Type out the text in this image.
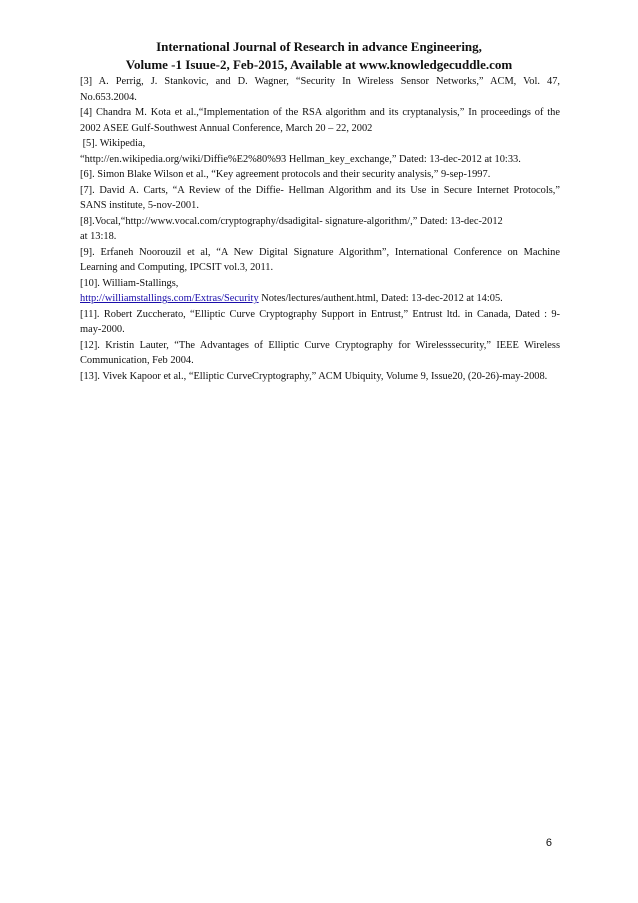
International Journal of Research in advance Engineering,
Volume -1 Isuue-2, Feb-2015, Available at www.knowledgecuddle.com
[3] A. Perrig, J. Stankovic, and D. Wagner, “Security In Wireless Sensor Networks,” ACM, Vol. 47,
No.653.2004.
[4] Chandra M. Kota et al.,“Implementation of the RSA algorithm and its cryptanalysis,” In proceedings of the
2002 ASEE Gulf-Southwest Annual Conference, March 20 – 22, 2002
[5]. Wikipedia,
“http://en.wikipedia.org/wiki/Diffie%E2%80%93 Hellman_key_exchange,” Dated: 13-dec-2012 at 10:33.
[6]. Simon Blake Wilson et al., “Key agreement protocols and their security analysis,” 9-sep-1997.
[7]. David A. Carts, “A Review of the Diffie- Hellman Algorithm and its Use in Secure Internet Protocols,”
SANS institute, 5-nov-2001.
[8].Vocal,“http://www.vocal.com/cryptography/dsadigital- signature-algorithm/,” Dated: 13-dec-2012
at 13:18.
[9]. Erfaneh Noorouzil et al, “A New Digital Signature Algorithm”, International Conference on Machine
Learning and Computing, IPCSIT vol.3, 2011.
[10]. William-Stallings,
http://williamstallings.com/Extras/Security Notes/lectures/authent.html, Dated: 13-dec-2012 at 14:05.
[11]. Robert Zuccherato, “Elliptic Curve Cryptography Support in Entrust,” Entrust ltd. in Canada, Dated : 9-
may-2000.
[12]. Kristin Lauter, “The Advantages of Elliptic Curve Cryptography for Wirelesssecurity,” IEEE Wireless
Communication, Feb 2004.
[13]. Vivek Kapoor et al., “Elliptic CurveCryptography,” ACM Ubiquity, Volume 9, Issue20, (20-26)-may-2008.
6
